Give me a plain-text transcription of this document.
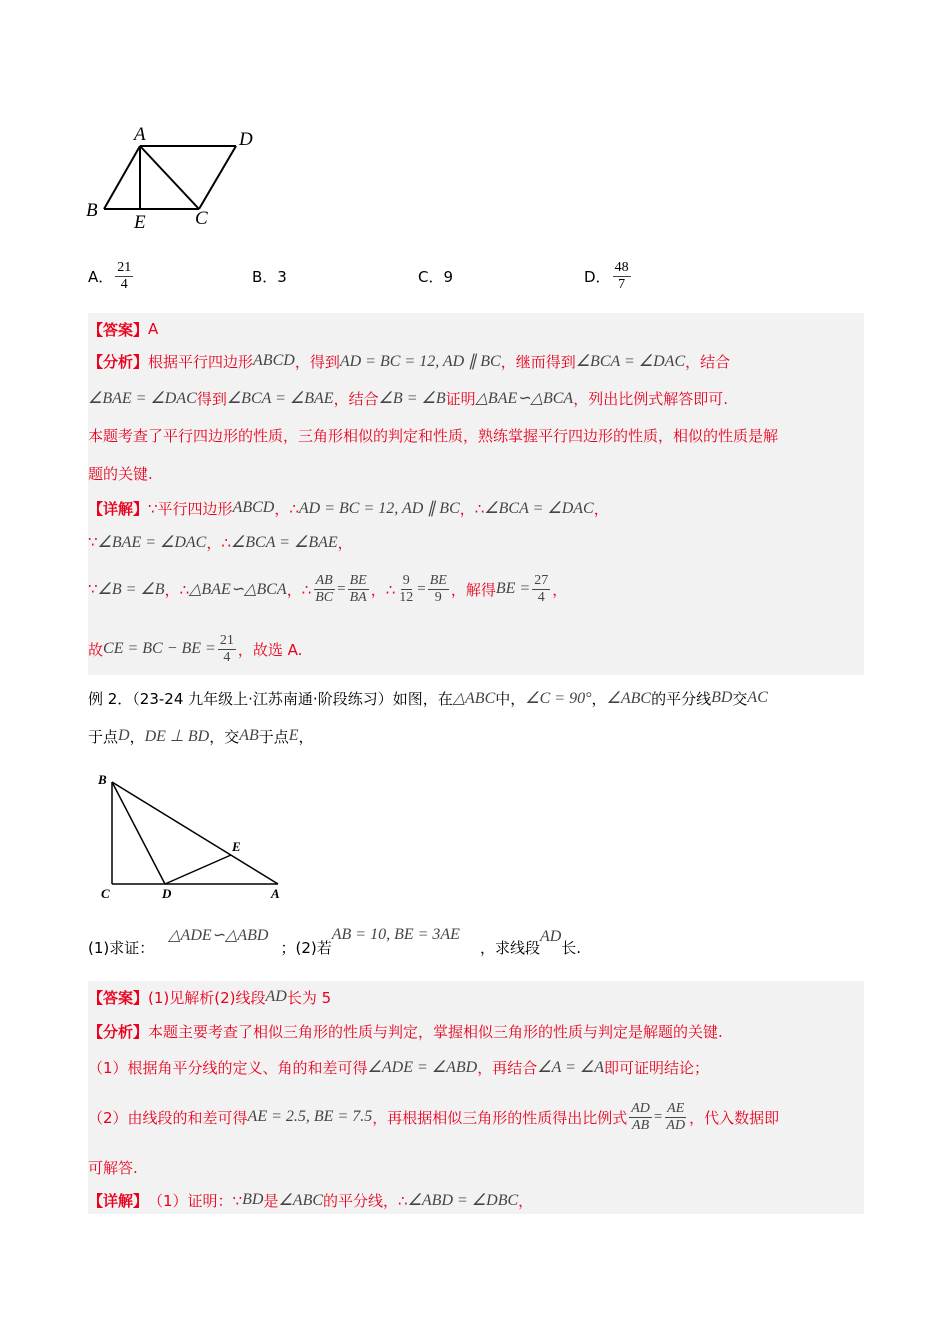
A	D
B
E	C
A． $\frac{21}{4}$	B．3	C．9	D． $\frac{48}{7}$
【答案】 A
【分析】 根据平行四边形 ABCD ，得到 AD = BC = 12, AD ∥ BC ，继而得到 ∠BCA = ∠DAC ，结合
∠BAE = ∠DAC 得到 ∠BCA = ∠BAE ，结合 ∠B = ∠B 证明 △BAE∽△BCA ，列出比例式解答即可.
本题考查了平行四边形的性质，三角形相似的判定和性质，熟练掌握平行四边形的性质，相似的性质是解
题的关键.
【详解】 ∵平行四边形 ABCD ，∴ AD = BC = 12, AD ∥ BC ，∴ ∠BCA = ∠DAC ，
∵ ∠BAE = ∠DAC ，∴ ∠BCA = ∠BAE ，
∵ ∠B = ∠B ，∴ △BAE∽△BCA ，∴ $\frac{AB}{BC} = \frac{BE}{BA}$ ，∴ $\frac{9}{12} = \frac{BE}{9}$ ，解得 BE = $\frac{27}{4}$ ，
故 CE = BC − BE = $\frac{21}{4}$ ，故选 A.
例 2．（23-24 九年级上·江苏南通·阶段练习）如图，在 △ABC 中， ∠C = 90° ， ∠ABC 的平分线 BD 交 AC
于点 D ， DE ⊥ BD ，交 AB 于点 E ，
B
E
C	D	A
(1)求证：
△ADE∽△ABD
；(2)若
AB = 10, BE = 3AE
，求线段
AD
长.
【答案】 (1)见解析(2)线段 AD 长为 5
【分析】 本题主要考查了相似三角形的性质与判定，掌握相似三角形的性质与判定是解题的关键.
（1）根据角平分线的定义、角的和差可得 ∠ADE = ∠ABD ，再结合 ∠A = ∠A 即可证明结论；
（2）由线段的和差可得 AE = 2.5, BE = 7.5 ，再根据相似三角形的性质得出比例式 $\frac{AD}{AB} = \frac{AE}{AD}$ ，代入数据即
可解答.
【详解】 （1）证明：∵ BD 是 ∠ABC 的平分线，∴ ∠ABD = ∠DBC ，
